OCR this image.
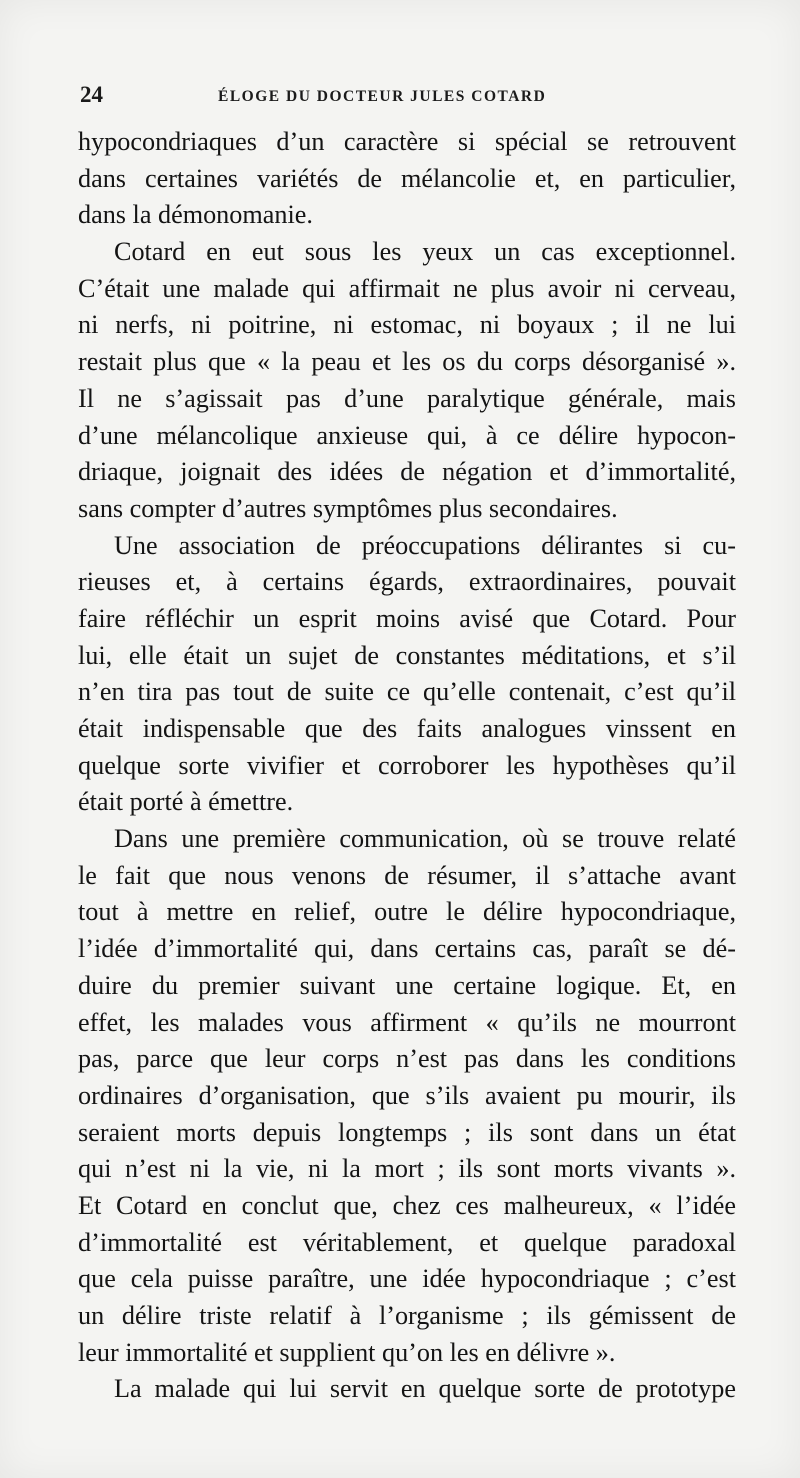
24	ÉLOGE DU DOCTEUR JULES COTARD
hypocondriaques d’un caractère si spécial se retrouvent
dans certaines variétés de mélancolie et, en particulier,
dans la démonomanie.
Cotard en eut sous les yeux un cas exceptionnel.
C’était une malade qui affirmait ne plus avoir ni cerveau,
ni nerfs, ni poitrine, ni estomac, ni boyaux ; il ne lui
restait plus que « la peau et les os du corps désorganisé ».
Il ne s’agissait pas d’une paralytique générale, mais
d’une mélancolique anxieuse qui, à ce délire hypocon-
driaque, joignait des idées de négation et d’immortalité,
sans compter d’autres symptômes plus secondaires.
Une association de préoccupations délirantes si cu-
rieuses et, à certains égards, extraordinaires, pouvait
faire réfléchir un esprit moins avisé que Cotard. Pour
lui, elle était un sujet de constantes méditations, et s’il
n’en tira pas tout de suite ce qu’elle contenait, c’est qu’il
était indispensable que des faits analogues vinssent en
quelque sorte vivifier et corroborer les hypothèses qu’il
était porté à émettre.
Dans une première communication, où se trouve relaté
le fait que nous venons de résumer, il s’attache avant
tout à mettre en relief, outre le délire hypocondriaque,
l’idée d’immortalité qui, dans certains cas, paraît se dé-
duire du premier suivant une certaine logique. Et, en
effet, les malades vous affirment « qu’ils ne mourront
pas, parce que leur corps n’est pas dans les conditions
ordinaires d’organisation, que s’ils avaient pu mourir, ils
seraient morts depuis longtemps ; ils sont dans un état
qui n’est ni la vie, ni la mort ; ils sont morts vivants ».
Et Cotard en conclut que, chez ces malheureux, « l’idée
d’immortalité est véritablement, et quelque paradoxal
que cela puisse paraître, une idée hypocondriaque ; c’est
un délire triste relatif à l’organisme ; ils gémissent de
leur immortalité et supplient qu’on les en délivre ».
La malade qui lui servit en quelque sorte de prototype
